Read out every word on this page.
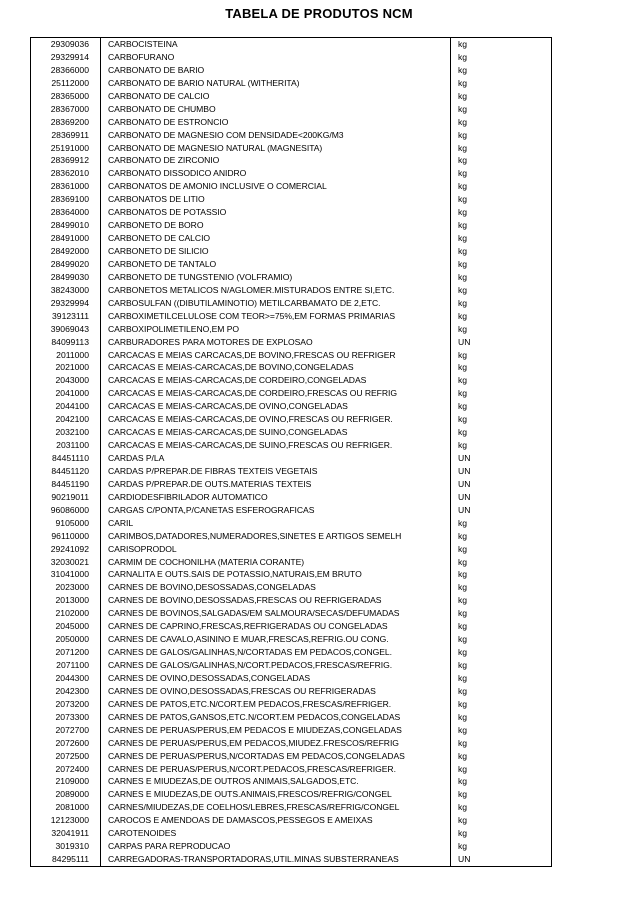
TABELA DE PRODUTOS NCM
29309036	CARBOCISTEINA	kg
29329914	CARBOFURANO	kg
28366000	CARBONATO DE BARIO	kg
25112000	CARBONATO DE BARIO NATURAL (WITHERITA)	kg
28365000	CARBONATO DE CALCIO	kg
28367000	CARBONATO DE CHUMBO	kg
28369200	CARBONATO DE ESTRONCIO	kg
28369911	CARBONATO DE MAGNESIO COM DENSIDADE<200KG/M3	kg
25191000	CARBONATO DE MAGNESIO NATURAL (MAGNESITA)	kg
28369912	CARBONATO DE ZIRCONIO	kg
28362010	CARBONATO DISSODICO ANIDRO	kg
28361000	CARBONATOS DE AMONIO INCLUSIVE O COMERCIAL	kg
28369100	CARBONATOS DE LITIO	kg
28364000	CARBONATOS DE POTASSIO	kg
28499010	CARBONETO DE BORO	kg
28491000	CARBONETO DE CALCIO	kg
28492000	CARBONETO DE SILICIO	kg
28499020	CARBONETO DE TANTALO	kg
28499030	CARBONETO DE TUNGSTENIO (VOLFRAMIO)	kg
38243000	CARBONETOS METALICOS N/AGLOMER.MISTURADOS ENTRE SI,ETC.	kg
29329994	CARBOSULFAN ((DIBUTILAMINOTIO) METILCARBAMATO DE 2,ETC.	kg
39123111	CARBOXIMETILCELULOSE COM TEOR>=75%,EM FORMAS PRIMARIAS	kg
39069043	CARBOXIPOLIMETILENO,EM PO	kg
84099113	CARBURADORES PARA MOTORES DE EXPLOSAO	UN
2011000	CARCACAS E MEIAS CARCACAS,DE BOVINO,FRESCAS OU REFRIGER	kg
2021000	CARCACAS E MEIAS-CARCACAS,DE BOVINO,CONGELADAS	kg
2043000	CARCACAS E MEIAS-CARCACAS,DE CORDEIRO,CONGELADAS	kg
2041000	CARCACAS E MEIAS-CARCACAS,DE CORDEIRO,FRESCAS OU REFRIG	kg
2044100	CARCACAS E MEIAS-CARCACAS,DE OVINO,CONGELADAS	kg
2042100	CARCACAS E MEIAS-CARCACAS,DE OVINO,FRESCAS OU REFRIGER.	kg
2032100	CARCACAS E MEIAS-CARCACAS,DE SUINO,CONGELADAS	kg
2031100	CARCACAS E MEIAS-CARCACAS,DE SUINO,FRESCAS OU REFRIGER.	kg
84451110	CARDAS P/LA	UN
84451120	CARDAS P/PREPAR.DE FIBRAS TEXTEIS VEGETAIS	UN
84451190	CARDAS P/PREPAR.DE OUTS.MATERIAS TEXTEIS	UN
90219011	CARDIODESFIBRILADOR AUTOMATICO	UN
96086000	CARGAS C/PONTA,P/CANETAS ESFEROGRAFICAS	UN
9105000	CARIL	kg
96110000	CARIMBOS,DATADORES,NUMERADORES,SINETES E ARTIGOS SEMELH	kg
29241092	CARISOPRODOL	kg
32030021	CARMIM DE COCHONILHA (MATERIA CORANTE)	kg
31041000	CARNALITA E OUTS.SAIS DE POTASSIO,NATURAIS,EM BRUTO	kg
2023000	CARNES DE BOVINO,DESOSSADAS,CONGELADAS	kg
2013000	CARNES DE BOVINO,DESOSSADAS,FRESCAS OU REFRIGERADAS	kg
2102000	CARNES DE BOVINOS,SALGADAS/EM SALMOURA/SECAS/DEFUMADAS	kg
2045000	CARNES DE CAPRINO,FRESCAS,REFRIGERADAS OU CONGELADAS	kg
2050000	CARNES DE CAVALO,ASININO E MUAR,FRESCAS,REFRIG.OU CONG.	kg
2071200	CARNES DE GALOS/GALINHAS,N/CORTADAS EM PEDACOS,CONGEL.	kg
2071100	CARNES DE GALOS/GALINHAS,N/CORT.PEDACOS,FRESCAS/REFRIG.	kg
2044300	CARNES DE OVINO,DESOSSADAS,CONGELADAS	kg
2042300	CARNES DE OVINO,DESOSSADAS,FRESCAS OU REFRIGERADAS	kg
2073200	CARNES DE PATOS,ETC.N/CORT.EM PEDACOS,FRESCAS/REFRIGER.	kg
2073300	CARNES DE PATOS,GANSOS,ETC.N/CORT.EM PEDACOS,CONGELADAS	kg
2072700	CARNES DE PERUAS/PERUS,EM PEDACOS E MIUDEZAS,CONGELADAS	kg
2072600	CARNES DE PERUAS/PERUS,EM PEDACOS,MIUDEZ.FRESCOS/REFRIG	kg
2072500	CARNES DE PERUAS/PERUS,N/CORTADAS EM PEDACOS,CONGELADAS	kg
2072400	CARNES DE PERUAS/PERUS,N/CORT.PEDACOS,FRESCAS/REFRIGER.	kg
2109000	CARNES E MIUDEZAS,DE OUTROS ANIMAIS,SALGADOS,ETC.	kg
2089000	CARNES E MIUDEZAS,DE OUTS.ANIMAIS,FRESCOS/REFRIG/CONGEL	kg
2081000	CARNES/MIUDEZAS,DE COELHOS/LEBRES,FRESCAS/REFRIG/CONGEL	kg
12123000	CAROCOS E AMENDOAS DE DAMASCOS,PESSEGOS E AMEIXAS	kg
32041911	CAROTENOIDES	kg
3019310	CARPAS PARA REPRODUCAO	kg
84295111	CARREGADORAS-TRANSPORTADORAS,UTIL.MINAS SUBSTERRANEAS	UN
